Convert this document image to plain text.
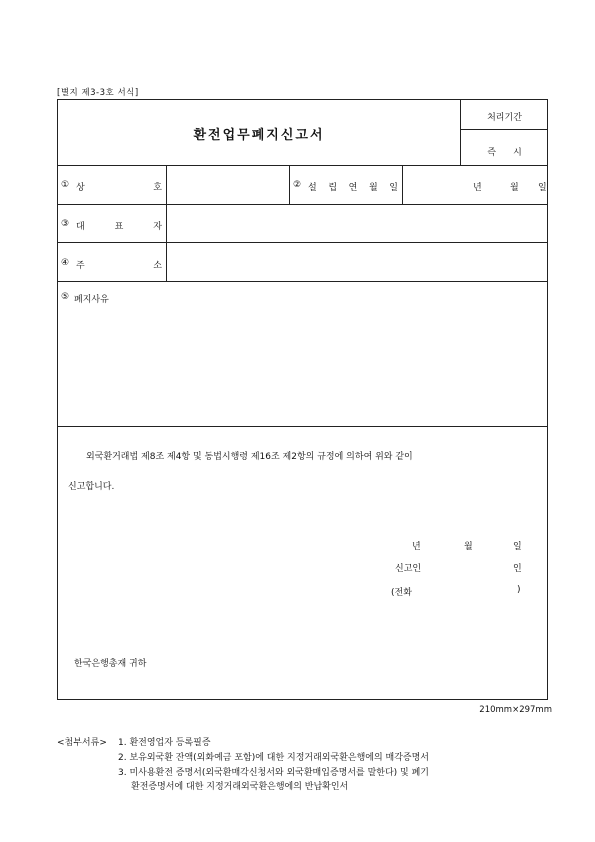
[별지 제3-3호 서식]
환전업무폐지신고서
처리기간
즉      시
① 상	호	② 설 립 연 월 일	년	월 일
③ 대	표	자
④ 주	소
⑤ 폐지사유
외국환거래법 제8조 제4항 및 동법시행령 제16조 제2항의 규정에 의하여 위와 같이
신고합니다.
년	월	일
신고인	인
(전화	)
한국은행총재 귀하
210mm×297mm
<첨부서류> 1. 환전영업자 등록필증
2. 보유외국환 잔액(외화예금 포함)에 대한 지정거래외국환은행에의 매각증명서
3. 미사용환전 증명서(외국환매각신청서와 외국환매입증명서를 말한다) 및 폐기
환전증명서에 대한 지정거래외국환은행에의 반납확인서
